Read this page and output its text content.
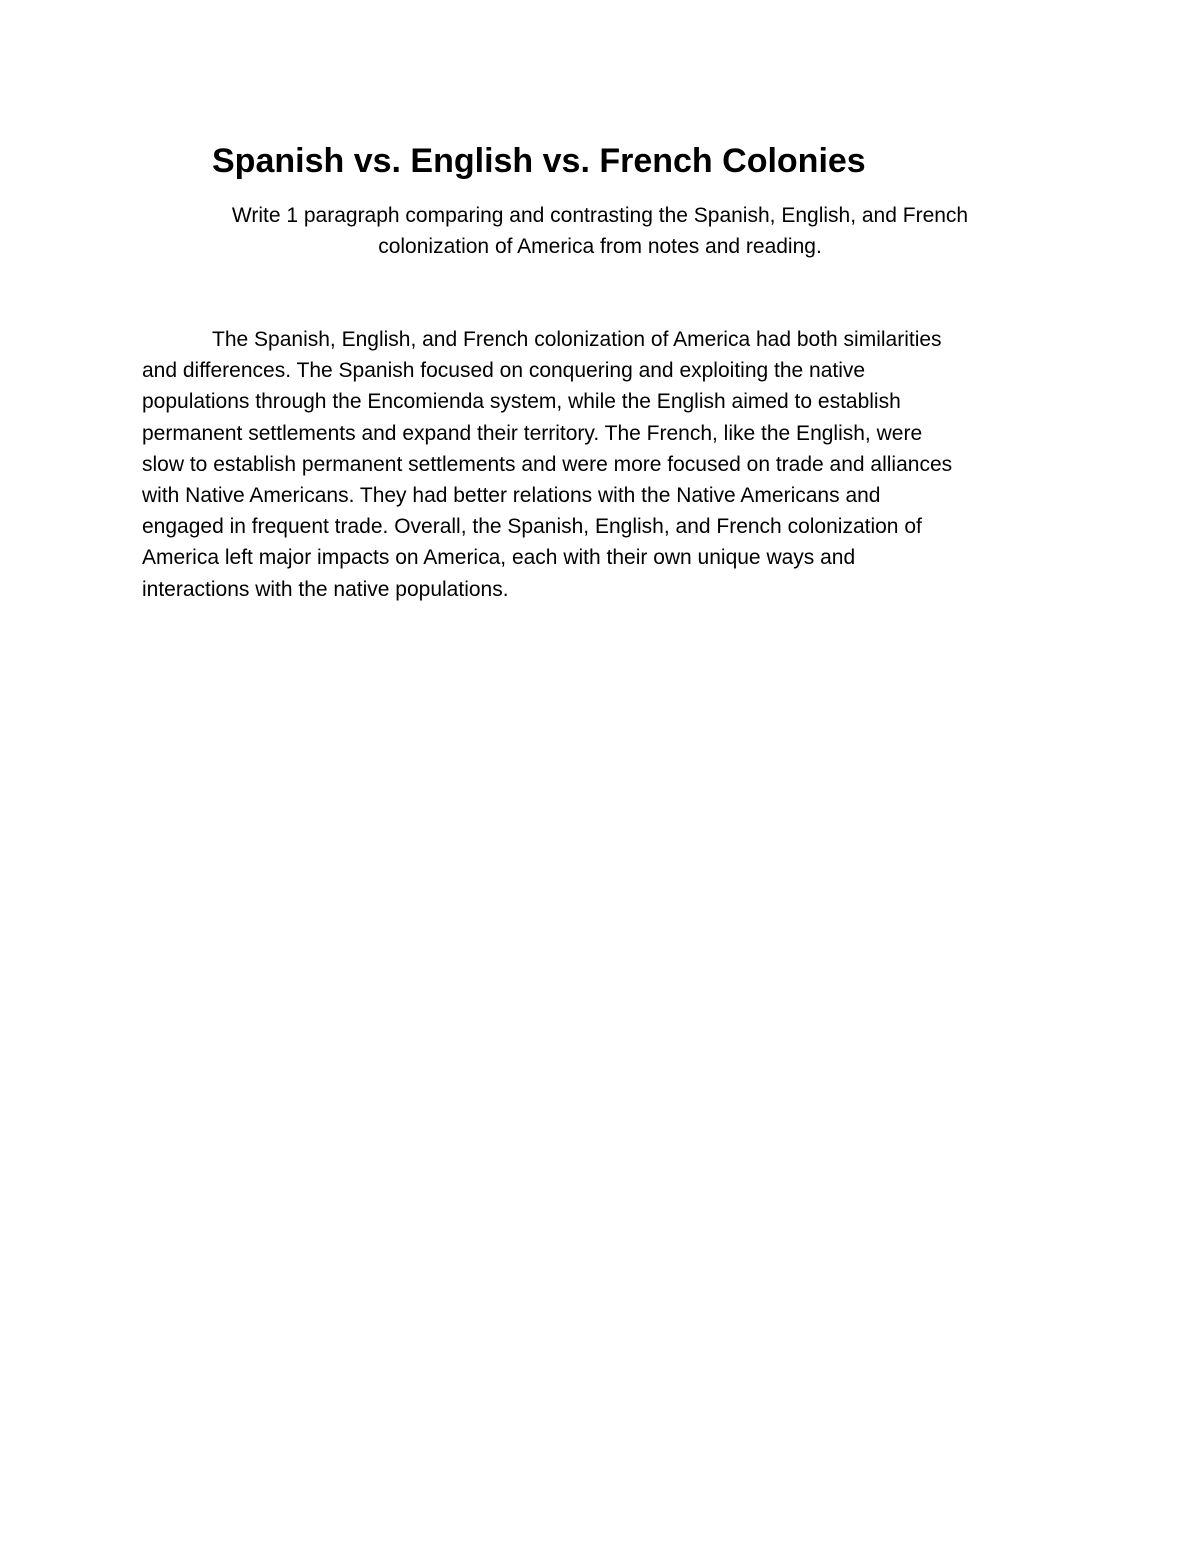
Spanish vs. English vs. French Colonies

Write 1 paragraph comparing and contrasting the Spanish, English, and French
colonization of America from notes and reading.

The Spanish, English, and French colonization of America had both similarities
and differences. The Spanish focused on conquering and exploiting the native
populations through the Encomienda system, while the English aimed to establish
permanent settlements and expand their territory. The French, like the English, were
slow to establish permanent settlements and were more focused on trade and alliances
with Native Americans. They had better relations with the Native Americans and
engaged in frequent trade. Overall, the Spanish, English, and French colonization of
America left major impacts on America, each with their own unique ways and
interactions with the native populations.
